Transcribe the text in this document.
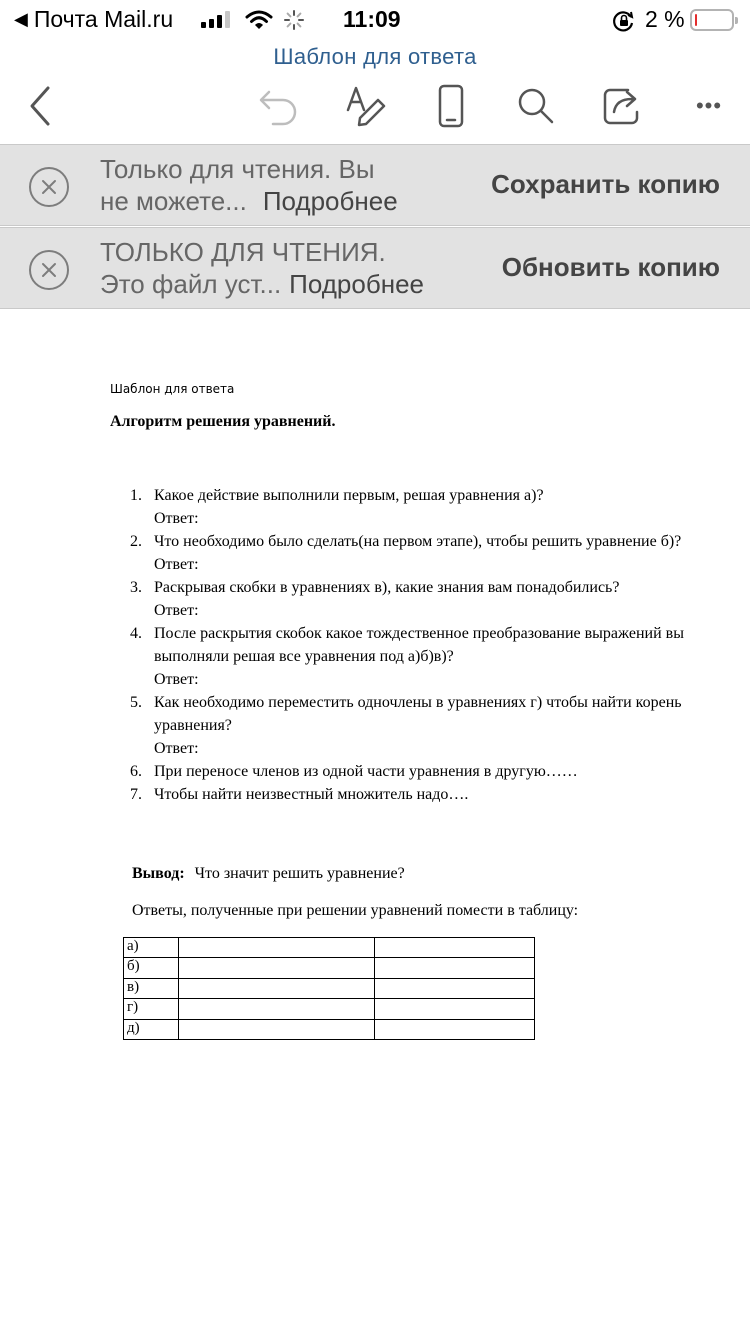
◀ Почта Mail.ru	11:09	2 %
Шаблон для ответа
•••
Только для чтения. Вы
не можете... Подробнее
Сохранить копию
ТОЛЬКО ДЛЯ ЧТЕНИЯ.
Это файл уст... Подробнее
Обновить копию
Шаблон для ответа
Алгоритм решения уравнений.
1. Какое действие выполнили первым, решая уравнения а)?
Ответ:
2. Что необходимо было сделать(на первом этапе), чтобы решить уравнение б)?
Ответ:
3. Раскрывая скобки в уравнениях в), какие знания вам понадобились?
Ответ:
4. После раскрытия скобок какое тождественное преобразование выражений вы выполняли решая все уравнения под а)б)в)?
Ответ:
5. Как необходимо переместить одночлены в уравнениях г) чтобы найти корень уравнения?
Ответ:
6. При переносе членов из одной части уравнения в другую……
7. Чтобы найти неизвестный множитель надо….
Вывод: Что значит решить уравнение?
Ответы, полученные при решении уравнений помести в таблицу:
а)		
б)		
в)		
г)		
д)		
